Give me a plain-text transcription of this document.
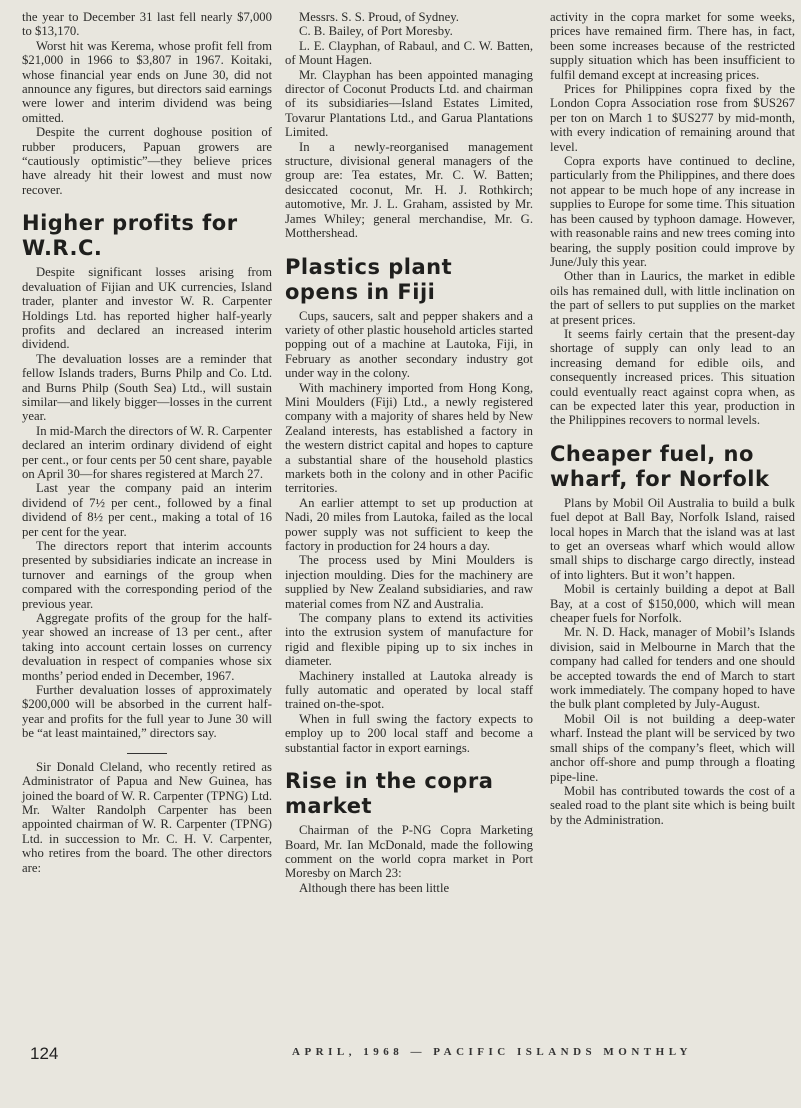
the year to December 31 last fell nearly $7,000 to $13,170.

Worst hit was Kerema, whose profit fell from $21,000 in 1966 to $3,807 in 1967. Koitaki, whose financial year ends on June 30, did not announce any figures, but directors said earnings were lower and interim dividend was being omitted.

Despite the current doghouse position of rubber producers, Papuan growers are “cautiously optimistic”—they believe prices have already hit their lowest and must now recover.

Higher profits for W.R.C.

Despite significant losses arising from devaluation of Fijian and UK currencies, Island trader, planter and investor W. R. Carpenter Holdings Ltd. has reported higher half-yearly profits and declared an increased interim dividend.

The devaluation losses are a reminder that fellow Islands traders, Burns Philp and Co. Ltd. and Burns Philp (South Sea) Ltd., will sustain similar—and likely bigger—losses in the current year.

In mid-March the directors of W. R. Carpenter declared an interim ordinary dividend of eight per cent., or four cents per 50 cent share, payable on April 30—for shares registered at March 27.

Last year the company paid an interim dividend of 7½ per cent., followed by a final dividend of 8½ per cent., making a total of 16 per cent for the year.

The directors report that interim accounts presented by subsidiaries indicate an increase in turnover and earnings of the group when compared with the corresponding period of the previous year.

Aggregate profits of the group for the half-year showed an increase of 13 per cent., after taking into account certain losses on currency devaluation in respect of companies whose six months’ period ended in December, 1967.

Further devaluation losses of approximately $200,000 will be absorbed in the current half-year and profits for the full year to June 30 will be “at least maintained,” directors say.

Sir Donald Cleland, who recently retired as Administrator of Papua and New Guinea, has joined the board of W. R. Carpenter (TPNG) Ltd. Mr. Walter Randolph Carpenter has been appointed chairman of W. R. Carpenter (TPNG) Ltd. in succession to Mr. C. H. V. Carpenter, who retires from the board. The other directors are:

Messrs. S. S. Proud, of Sydney.

C. B. Bailey, of Port Moresby.

L. E. Clayphan, of Rabaul, and C. W. Batten, of Mount Hagen.

Mr. Clayphan has been appointed managing director of Coconut Products Ltd. and chairman of its subsidiaries—Island Estates Limited, Tovarur Plantations Ltd., and Garua Plantations Limited.

In a newly-reorganised management structure, divisional general managers of the group are: Tea estates, Mr. C. W. Batten; desiccated coconut, Mr. H. J. Rothkirch; automotive, Mr. J. L. Graham, assisted by Mr. James Whiley; general merchandise, Mr. G. Motthershead.

Plastics plant opens in Fiji

Cups, saucers, salt and pepper shakers and a variety of other plastic household articles started popping out of a machine at Lautoka, Fiji, in February as another secondary industry got under way in the colony.

With machinery imported from Hong Kong, Mini Moulders (Fiji) Ltd., a newly registered company with a majority of shares held by New Zealand interests, has established a factory in the western district capital and hopes to capture a substantial share of the household plastics markets both in the colony and in other Pacific territories.

An earlier attempt to set up production at Nadi, 20 miles from Lautoka, failed as the local power supply was not sufficient to keep the factory in production for 24 hours a day.

The process used by Mini Moulders is injection moulding. Dies for the machinery are supplied by New Zealand subsidiaries, and raw material comes from NZ and Australia.

The company plans to extend its activities into the extrusion system of manufacture for rigid and flexible piping up to six inches in diameter.

Machinery installed at Lautoka already is fully automatic and operated by local staff trained on-the-spot.

When in full swing the factory expects to employ up to 200 local staff and become a substantial factor in export earnings.

Rise in the copra market

Chairman of the P-NG Copra Marketing Board, Mr. Ian McDonald, made the following comment on the world copra market in Port Moresby on March 23:

Although there has been little

activity in the copra market for some weeks, prices have remained firm. There has, in fact, been some increases because of the restricted supply situation which has been insufficient to fulfil demand except at increasing prices.

Prices for Philippines copra fixed by the London Copra Association rose from $US267 per ton on March 1 to $US277 by mid-month, with every indication of remaining around that level.

Copra exports have continued to decline, particularly from the Philippines, and there does not appear to be much hope of any increase in supplies to Europe for some time. This situation has been caused by typhoon damage. However, with reasonable rains and new trees coming into bearing, the supply position could improve by June/July this year.

Other than in Laurics, the market in edible oils has remained dull, with little inclination on the part of sellers to put supplies on the market at present prices.

It seems fairly certain that the present-day shortage of supply can only lead to an increasing demand for edible oils, and consequently increased prices. This situation could eventually react against copra when, as can be expected later this year, production in the Philippines recovers to normal levels.

Cheaper fuel, no wharf, for Norfolk

Plans by Mobil Oil Australia to build a bulk fuel depot at Ball Bay, Norfolk Island, raised local hopes in March that the island was at last to get an overseas wharf which would allow small ships to discharge cargo directly, instead of into lighters. But it won’t happen.

Mobil is certainly building a depot at Ball Bay, at a cost of $150,000, which will mean cheaper fuels for Norfolk.

Mr. N. D. Hack, manager of Mobil’s Islands division, said in Melbourne in March that the company had called for tenders and one should be accepted towards the end of March to start work immediately. The company hoped to have the bulk plant completed by July-August.

Mobil Oil is not building a deep-water wharf. Instead the plant will be serviced by two small ships of the company’s fleet, which will anchor off-shore and pump through a floating pipe-line.

Mobil has contributed towards the cost of a sealed road to the plant site which is being built by the Administration.

124	APRIL, 1968 — PACIFIC ISLANDS MONTHLY
